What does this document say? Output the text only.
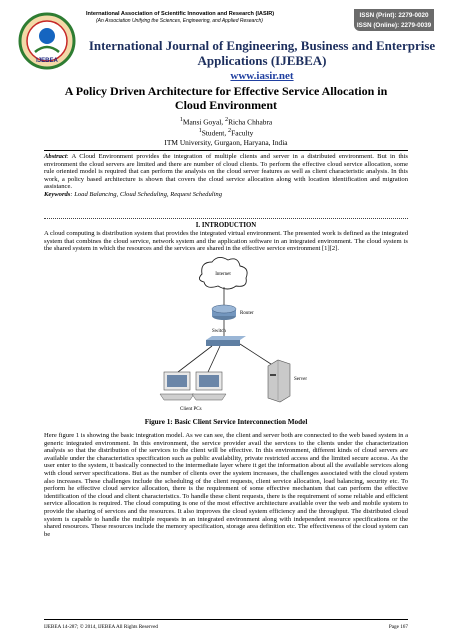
IJEBEA
International Association of Scientific Innovation and Research (IASIR)
(An Association Unifying the Sciences, Engineering, and Applied Research)
ISSN (Print): 2279-0020
ISSN (Online): 2279-0039
International Journal of Engineering, Business and Enterprise Applications (IJEBEA)
www.iasir.net
A Policy Driven Architecture for Effective Service Allocation in Cloud Environment
$^1$Mansi Goyal, $^2$Richa Chhabra
$^1$Student, $^2$Faculty
ITM University, Gurgaon, Haryana, India
Abstract: A Cloud Environment provides the integration of multiple clients and server in a distributed environment. But in this environment the cloud servers are limited and there are number of cloud clients. To perform the effective cloud service allocation, some rule oriented model is required that can perform the analysis on the cloud server features as well as client characteristic analysis. In this work, a policy based architecture is shown that covers the cloud service allocation along with location identification and migration assistance.
Keywords: Load Balancing, Cloud Scheduling, Request Scheduling
I. INTRODUCTION
A cloud computing is distribution system that provides the integrated virtual environment. The presented work is defined as the integrated system that combines the cloud service, network system and the application software in an integrated environment. The cloud system is the shared system in which the resources and the services are shared in the effective service environment [1][2].
Internet
Router
Switch
Server
Client PCs
Figure 1: Basic Client Service Interconnection Model
Here figure 1 is showing the basic integration model. As we can see, the client and server both are connected to the web based system in a generic integrated environment. In this environment, the service provider avail the services to the clients under the characterization analysis so that the distribution of the services to the client will be effective. In this environment, different kinds of cloud servers are available under the characteristics specification such as public availability, private restricted access and the limited secure access. As the user enter to the system, it basically connected to the intermediate layer where it get the information about all the available services along with cloud server specifications. But as the number of clients over the system increases, the challenges associated with the cloud system also increases. These challenges include the scheduling of the client requests, client service allocation, load balancing, security etc. To perform he effective cloud service allocation, there is the requirement of some effective mechanism that can perform the effective identification of the cloud and client characteristics. To handle these client requests, there is the requirement of some reliable and efficient service allocation is required. The cloud computing is one of the most effective architecture available over the web and mobile system to provide the sharing of services and the resources. It also improves the cloud system efficiency and the throughput. The distributed cloud system is capable to handle the multiple requests in an integrated environment along with independent resource specifications or the shared resources. These resources include the memory specification, storage area definition etc. The effectiveness of the cloud system can be
IJEBEA 14-287; © 2014, IJEBEA All Rights Reserved	Page 167
